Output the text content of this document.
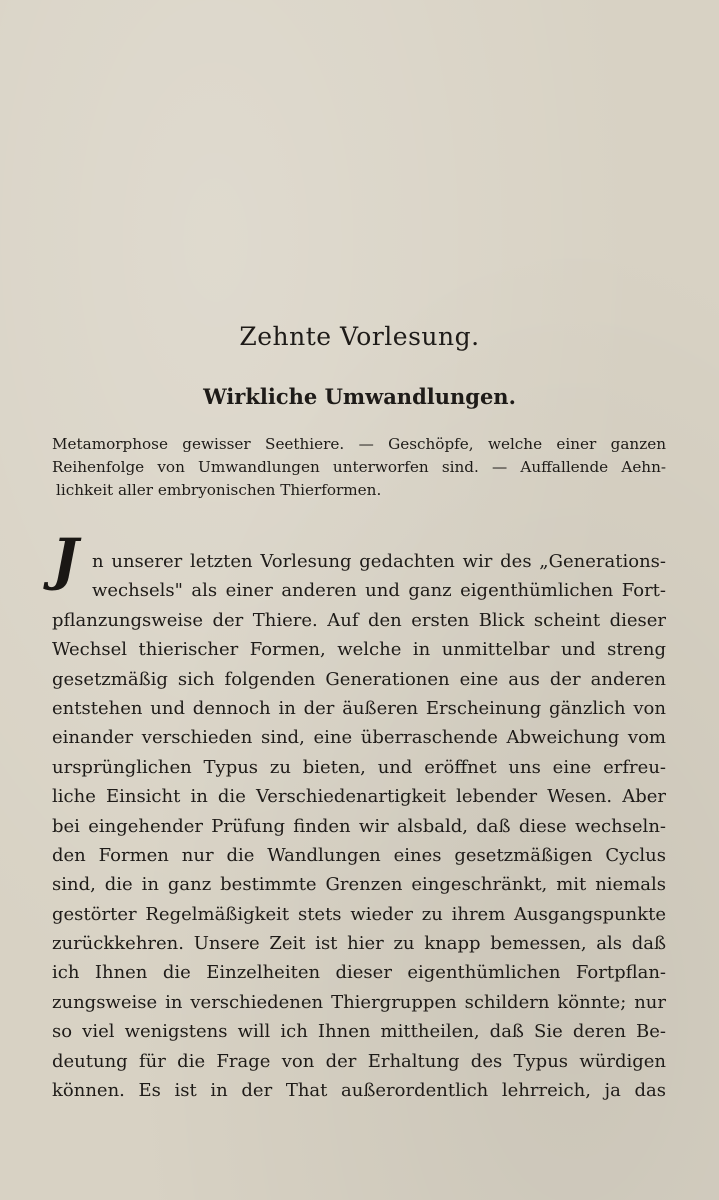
Zehnte Vorlesung.
Wirkliche Umwandlungen.
Metamorphose gewisser Seethiere. — Geschöpfe, welche einer ganzen
Reihenfolge von Umwandlungen unterworfen sind. — Auffallende Aehn-
lichkeit aller embryonischen Thierformen.
J n unserer letzten Vorlesung gedachten wir des „Generations-
wechsels" als einer anderen und ganz eigenthümlichen Fort-
pflanzungsweise der Thiere. Auf den ersten Blick scheint dieser
Wechsel thierischer Formen, welche in unmittelbar und streng
gesetzmäßig sich folgenden Generationen eine aus der anderen
entstehen und dennoch in der äußeren Erscheinung gänzlich von
einander verschieden sind, eine überraschende Abweichung vom
ursprünglichen Typus zu bieten, und eröffnet uns eine erfreu-
liche Einsicht in die Verschiedenartigkeit lebender Wesen. Aber
bei eingehender Prüfung finden wir alsbald, daß diese wechseln-
den Formen nur die Wandlungen eines gesetzmäßigen Cyclus
sind, die in ganz bestimmte Grenzen eingeschränkt, mit niemals
gestörter Regelmäßigkeit stets wieder zu ihrem Ausgangspunkte
zurückkehren. Unsere Zeit ist hier zu knapp bemessen, als daß
ich Ihnen die Einzelheiten dieser eigenthümlichen Fortpflan-
zungsweise in verschiedenen Thiergruppen schildern könnte; nur
so viel wenigstens will ich Ihnen mittheilen, daß Sie deren Be-
deutung für die Frage von der Erhaltung des Typus würdigen
können. Es ist in der That außerordentlich lehrreich, ja das
